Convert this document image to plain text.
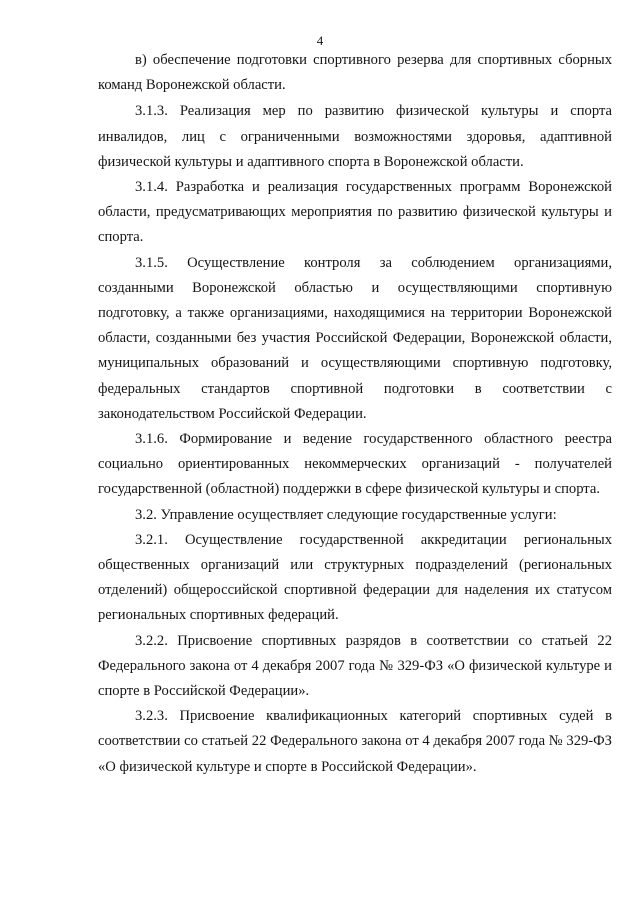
4

в) обеспечение подготовки спортивного резерва для спортивных сборных команд Воронежской области.

3.1.3. Реализация мер по развитию физической культуры и спорта инвалидов, лиц с ограниченными возможностями здоровья, адаптивной физической культуры и адаптивного спорта в Воронежской области.

3.1.4. Разработка и реализация государственных программ Воронежской области, предусматривающих мероприятия по развитию физической культуры и спорта.

3.1.5. Осуществление контроля за соблюдением организациями, созданными Воронежской областью и осуществляющими спортивную подготовку, а также организациями, находящимися на территории Воронежской области, созданными без участия Российской Федерации, Воронежской области, муниципальных образований и осуществляющими спортивную подготовку, федеральных стандартов спортивной подготовки в соответствии с законодательством Российской Федерации.

3.1.6. Формирование и ведение государственного областного реестра социально ориентированных некоммерческих организаций - получателей государственной (областной) поддержки в сфере физической культуры и спорта.

3.2. Управление осуществляет следующие государственные услуги:

3.2.1. Осуществление государственной аккредитации региональных общественных организаций или структурных подразделений (региональных отделений) общероссийской спортивной федерации для наделения их статусом региональных спортивных федераций.

3.2.2. Присвоение спортивных разрядов в соответствии со статьей 22 Федерального закона от 4 декабря 2007 года № 329-ФЗ «О физической культуре и спорте в Российской Федерации».

3.2.3. Присвоение квалификационных категорий спортивных судей в соответствии со статьей 22 Федерального закона от 4 декабря 2007 года № 329-ФЗ «О физической культуре и спорте в Российской Федерации».
